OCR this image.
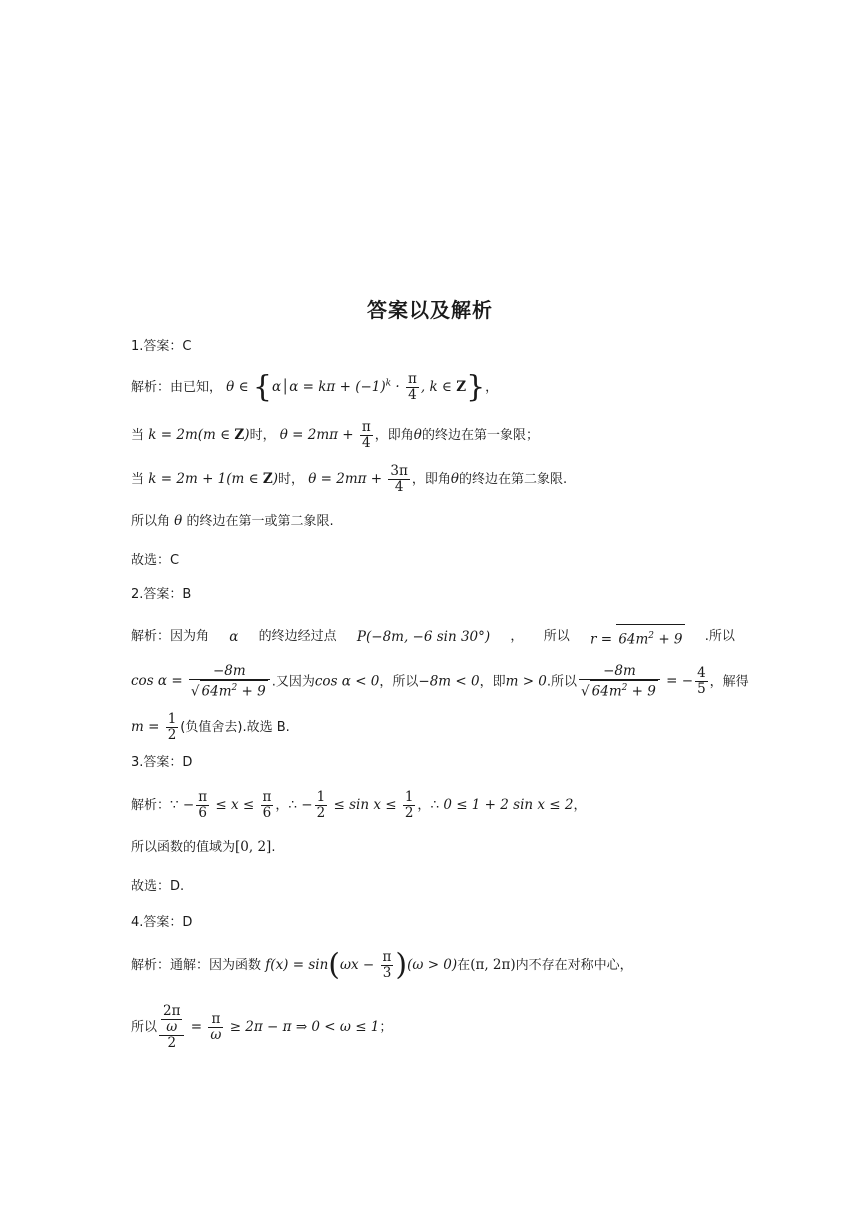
答案以及解析
1.答案：C
解析：由已知， θ ∈ {α│α = $k\pi + (-1)^k \cdot \frac{\pi}{4}$ , k ∈ Z}，
当 k = 2m(m ∈ Z)时， $\theta = 2m\pi + \frac{\pi}{4}$ ，即角θ的终边在第一象限；
当 k = 2m + 1(m ∈ Z)时， $\theta = 2m\pi + \frac{3\pi}{4}$ ，即角θ的终边在第二象限.
所以角 θ 的终边在第一或第二象限.
故选：C
2.答案：B
解析：因为角 α 的终边经过点 P(−8m, −6 sin 30°) ， 所以 $r = 64m^2 + 9$ .所以
$\cos \alpha = \frac{-8m}{√ 64m^2 + 9}$ .又因为cos α < 0，所以−8m < 0，即m > 0.所以 $\frac{-8m}{√ 64m^2 + 9}$ = − $\frac{4}{5}$ ，解得
$m = \frac{1}{2}$ (负值舍去).故选 B.
3.答案：D
解析：∵ − $\frac{\pi}{6} \le x \le \frac{\pi}{6}$ ，∴ − $\frac{1}{2} \le \sin x \le \frac{1}{2}$ ，∴ 0 ≤ 1 + 2 sin x ≤ 2，
所以函数的值域为[0, 2].
故选：D.
4.答案：D
解析：通解：因为函数 $f(x) = \sin(\omega x - \frac{\pi}{3} )(\omega > 0)$在(π, 2π)内不存在对称中心，
所以 $\frac{\frac{2\pi}{\omega}}{2} = \frac{\pi}{\omega} \ge 2\pi - \pi$ ⇒ 0 < ω ≤ 1；
